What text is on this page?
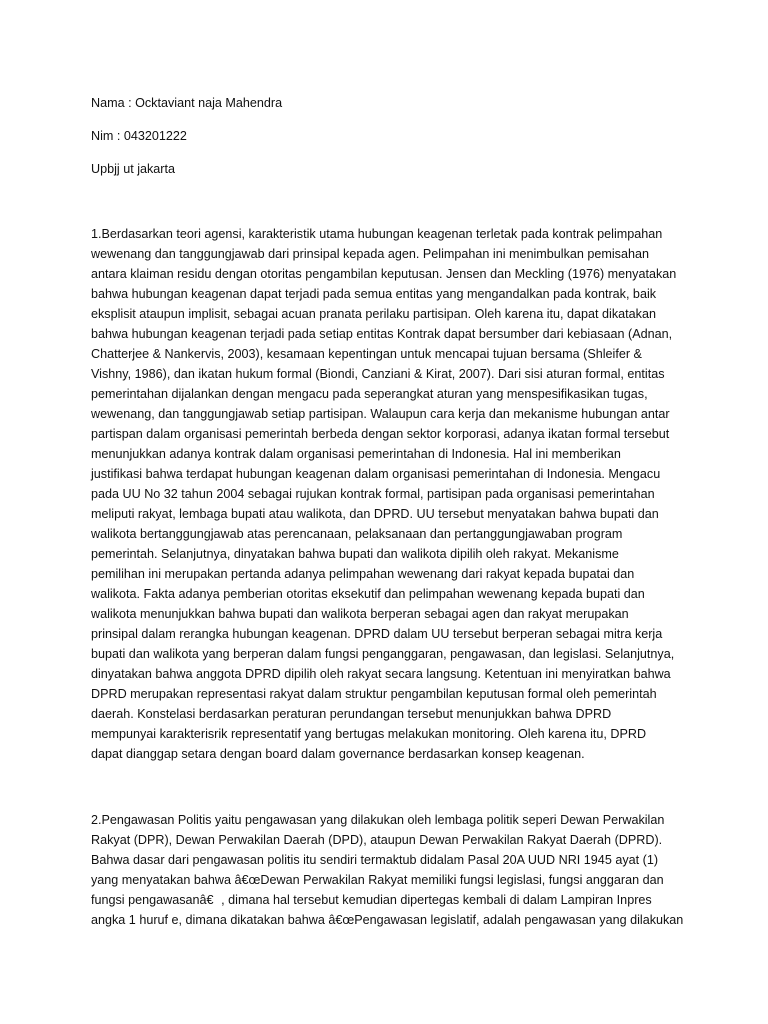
Nama : Ocktaviant naja Mahendra
Nim : 043201222
Upbjj ut jakarta
1.Berdasarkan teori agensi, karakteristik utama hubungan keagenan terletak pada kontrak pelimpahan
wewenang dan tanggungjawab dari prinsipal kepada agen. Pelimpahan ini menimbulkan pemisahan
antara klaiman residu dengan otoritas pengambilan keputusan. Jensen dan Meckling (1976) menyatakan
bahwa hubungan keagenan dapat terjadi pada semua entitas yang mengandalkan pada kontrak, baik
eksplisit ataupun implisit, sebagai acuan pranata perilaku partisipan. Oleh karena itu, dapat dikatakan
bahwa hubungan keagenan terjadi pada setiap entitas Kontrak dapat bersumber dari kebiasaan (Adnan,
Chatterjee & Nankervis, 2003), kesamaan kepentingan untuk mencapai tujuan bersama (Shleifer &
Vishny, 1986), dan ikatan hukum formal (Biondi, Canziani & Kirat, 2007). Dari sisi aturan formal, entitas
pemerintahan dijalankan dengan mengacu pada seperangkat aturan yang menspesifikasikan tugas,
wewenang, dan tanggungjawab setiap partisipan. Walaupun cara kerja dan mekanisme hubungan antar
partispan dalam organisasi pemerintah berbeda dengan sektor korporasi, adanya ikatan formal tersebut
menunjukkan adanya kontrak dalam organisasi pemerintahan di Indonesia. Hal ini memberikan
justifikasi bahwa terdapat hubungan keagenan dalam organisasi pemerintahan di Indonesia. Mengacu
pada UU No 32 tahun 2004 sebagai rujukan kontrak formal, partisipan pada organisasi pemerintahan
meliputi rakyat, lembaga bupati atau walikota, dan DPRD. UU tersebut menyatakan bahwa bupati dan
walikota bertanggungjawab atas perencanaan, pelaksanaan dan pertanggungjawaban program
pemerintah. Selanjutnya, dinyatakan bahwa bupati dan walikota dipilih oleh rakyat. Mekanisme
pemilihan ini merupakan pertanda adanya pelimpahan wewenang dari rakyat kepada bupatai dan
walikota. Fakta adanya pemberian otoritas eksekutif dan pelimpahan wewenang kepada bupati dan
walikota menunjukkan bahwa bupati dan walikota berperan sebagai agen dan rakyat merupakan
prinsipal dalam rerangka hubungan keagenan. DPRD dalam UU tersebut berperan sebagai mitra kerja
bupati dan walikota yang berperan dalam fungsi penganggaran, pengawasan, dan legislasi. Selanjutnya,
dinyatakan bahwa anggota DPRD dipilih oleh rakyat secara langsung. Ketentuan ini menyiratkan bahwa
DPRD merupakan representasi rakyat dalam struktur pengambilan keputusan formal oleh pemerintah
daerah. Konstelasi berdasarkan peraturan perundangan tersebut menunjukkan bahwa DPRD
mempunyai karakterisrik representatif yang bertugas melakukan monitoring. Oleh karena itu, DPRD
dapat dianggap setara dengan board dalam governance berdasarkan konsep keagenan.
2.Pengawasan Politis yaitu pengawasan yang dilakukan oleh lembaga politik seperi Dewan Perwakilan
Rakyat (DPR), Dewan Perwakilan Daerah (DPD), ataupun Dewan Perwakilan Rakyat Daerah (DPRD).
Bahwa dasar dari pengawasan politis itu sendiri termaktub didalam Pasal 20A UUD NRI 1945 ayat (1)
yang menyatakan bahwa â€œDewan Perwakilan Rakyat memiliki fungsi legislasi, fungsi anggaran dan
fungsi pengawasanâ€, dimana hal tersebut kemudian dipertegas kembali di dalam Lampiran Inpres
angka 1 huruf e, dimana dikatakan bahwa â€œPengawasan legislatif, adalah pengawasan yang dilakukan
